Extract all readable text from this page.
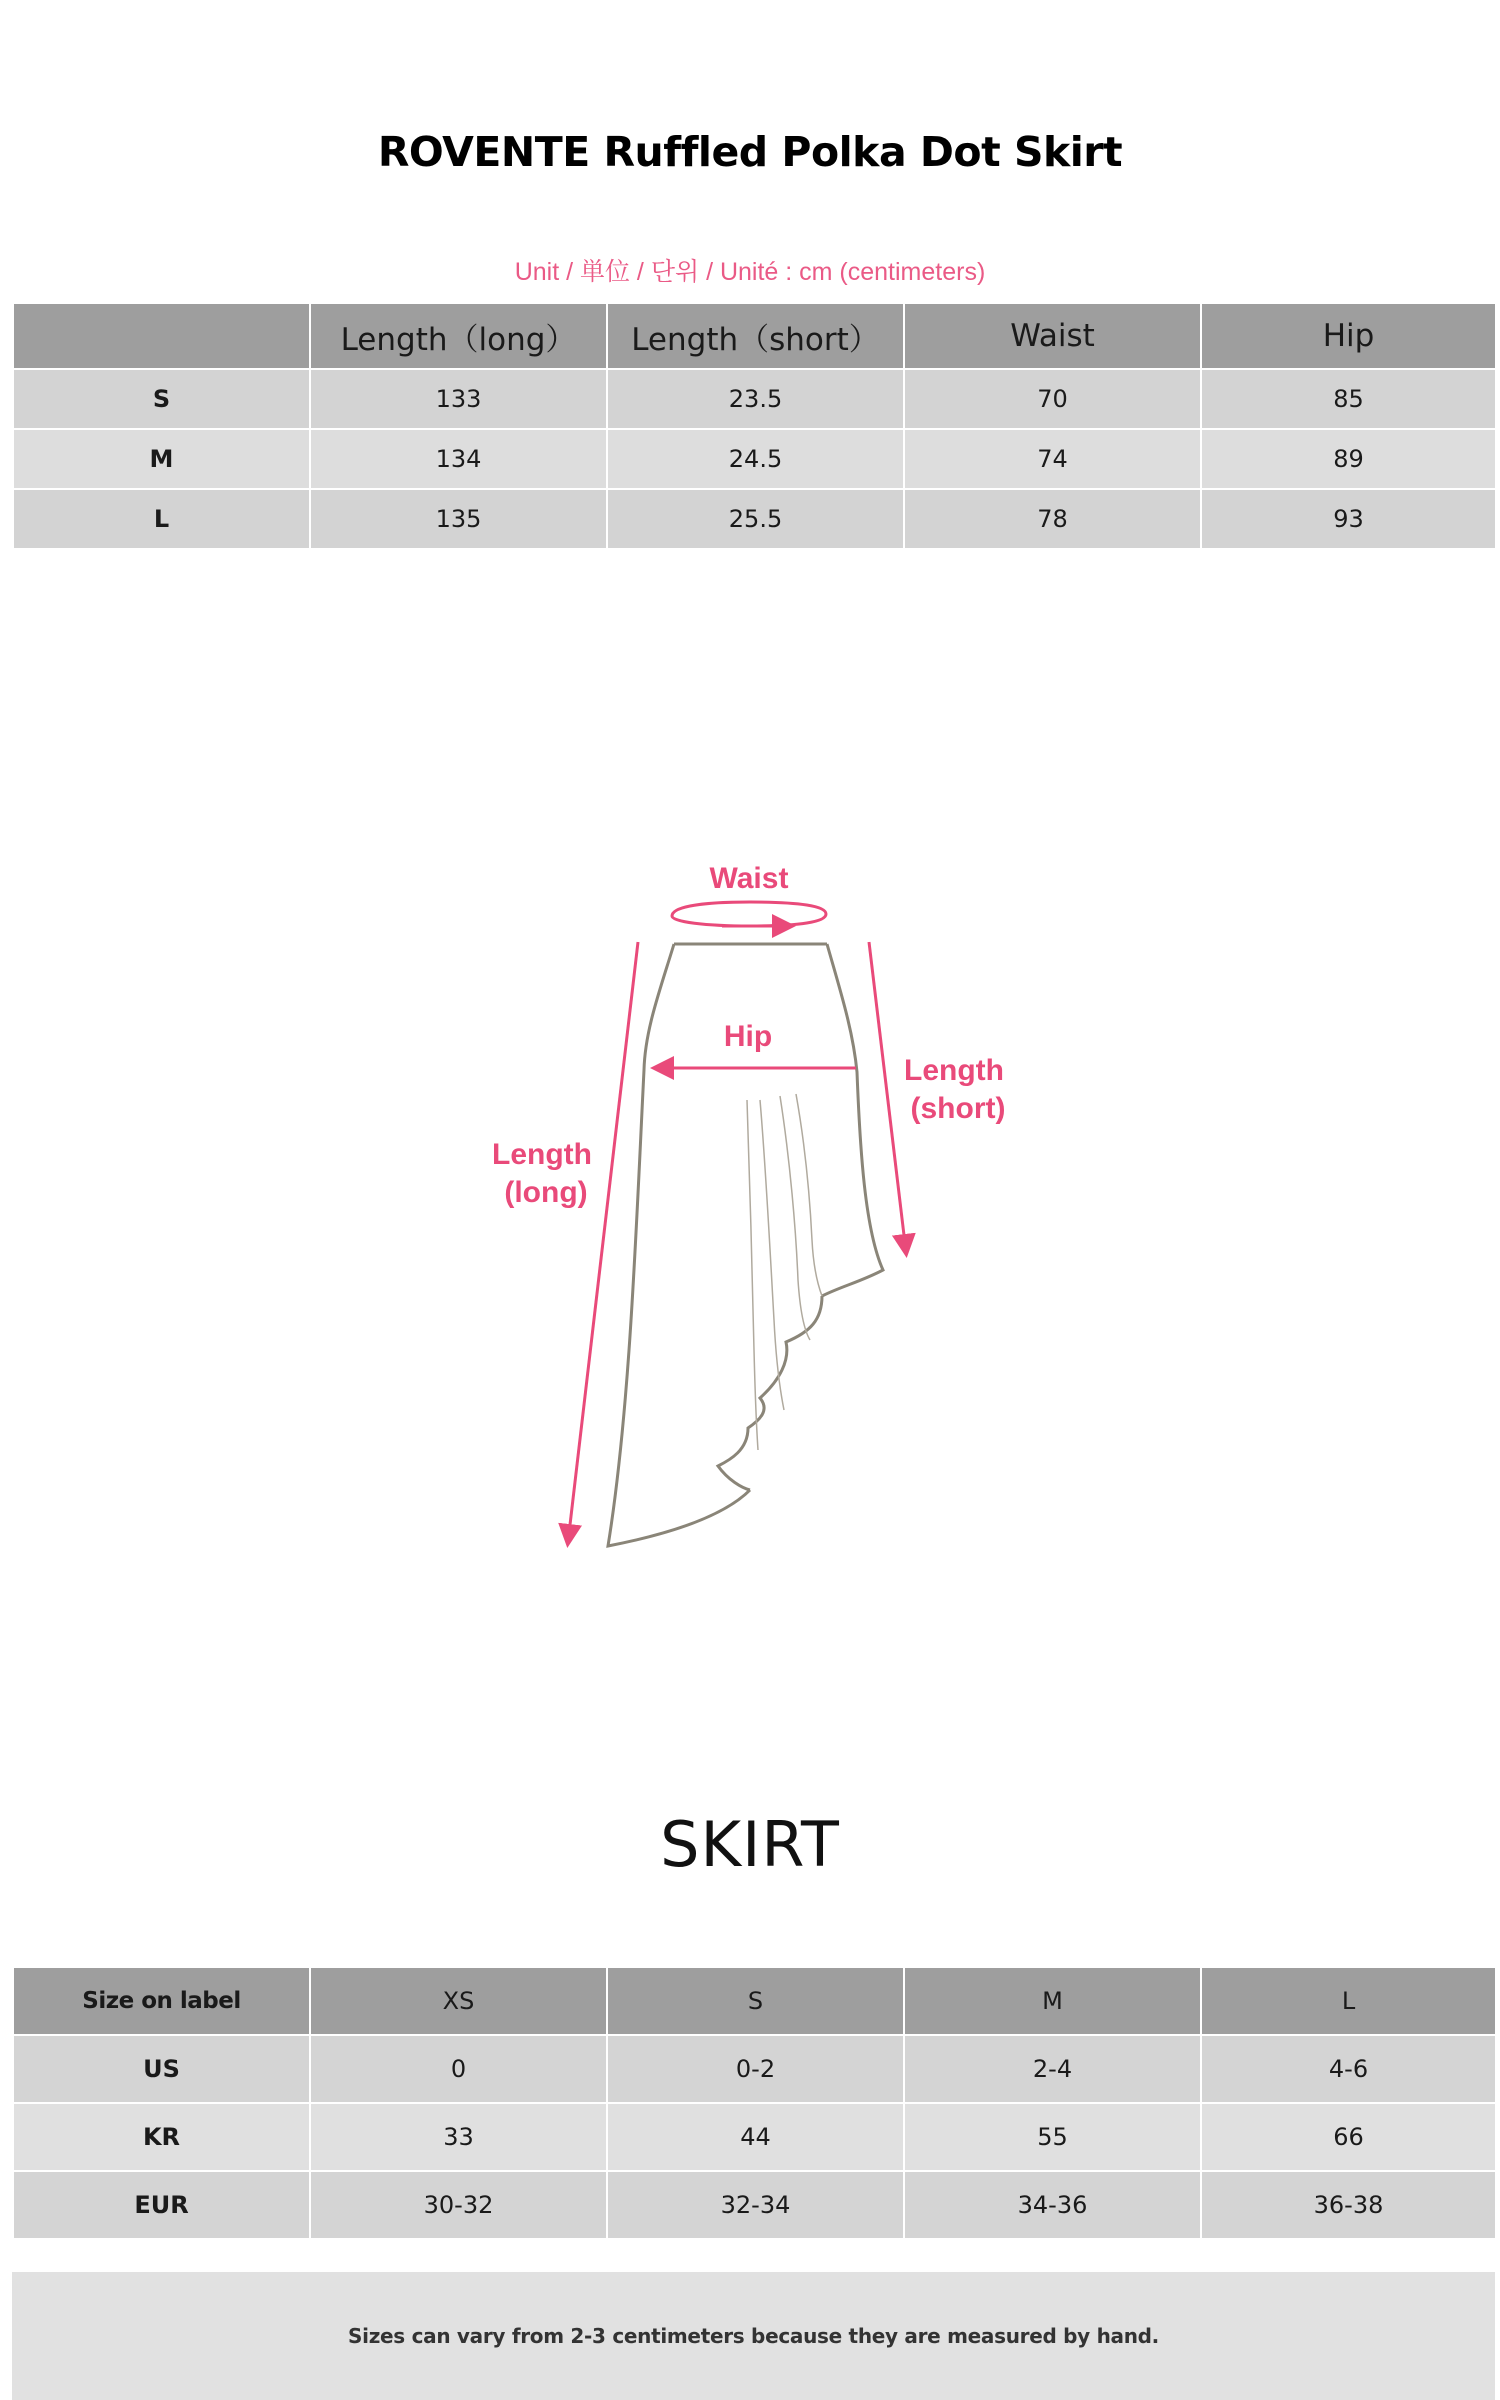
ROVENTE Ruffled Polka Dot Skirt
Unit / 単位 / 단위 / Unité : cm (centimeters)
	Length（long）	Length（short）	Waist	Hip
S	133	23.5	70	85
M	134	24.5	74	89
L	135	25.5	78	93
Waist
Hip
Length
(long)
Length
(short)
SKIRT
Size on label	XS	S	M	L
US	0	0-2	2-4	4-6
KR	33	44	55	66
EUR	30-32	32-34	34-36	36-38
Sizes can vary from 2-3 centimeters because they are measured by hand.
